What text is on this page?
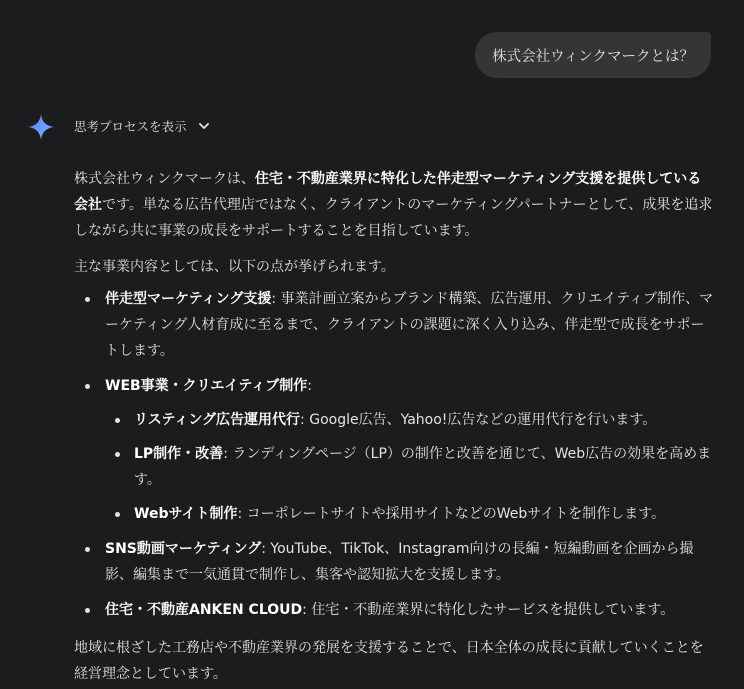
株式会社ウィンクマークとは？
思考プロセスを表示

株式会社ウィンクマークは、住宅・不動産業界に特化した伴走型マーケティング支援を提供している会社です。単なる広告代理店ではなく、クライアントのマーケティングパートナーとして、成果を追求しながら共に事業の成長をサポートすることを目指しています。

主な事業内容としては、以下の点が挙げられます。

伴走型マーケティング支援: 事業計画立案からブランド構築、広告運用、クリエイティブ制作、マーケティング人材育成に至るまで、クライアントの課題に深く入り込み、伴走型で成長をサポートします。
WEB事業・クリエイティブ制作:
リスティング広告運用代行: Google広告、Yahoo!広告などの運用代行を行います。
LP制作・改善: ランディングページ（LP）の制作と改善を通じて、Web広告の効果を高めます。
Webサイト制作: コーポレートサイトや採用サイトなどのWebサイトを制作します。
SNS動画マーケティング: YouTube、TikTok、Instagram向けの長編・短編動画を企画から撮影、編集まで一気通貫で制作し、集客や認知拡大を支援します。
住宅・不動産ANKEN CLOUD: 住宅・不動産業界に特化したサービスを提供しています。

地域に根ざした工務店や不動産業界の発展を支援することで、日本全体の成長に貢献していくことを経営理念としています。
